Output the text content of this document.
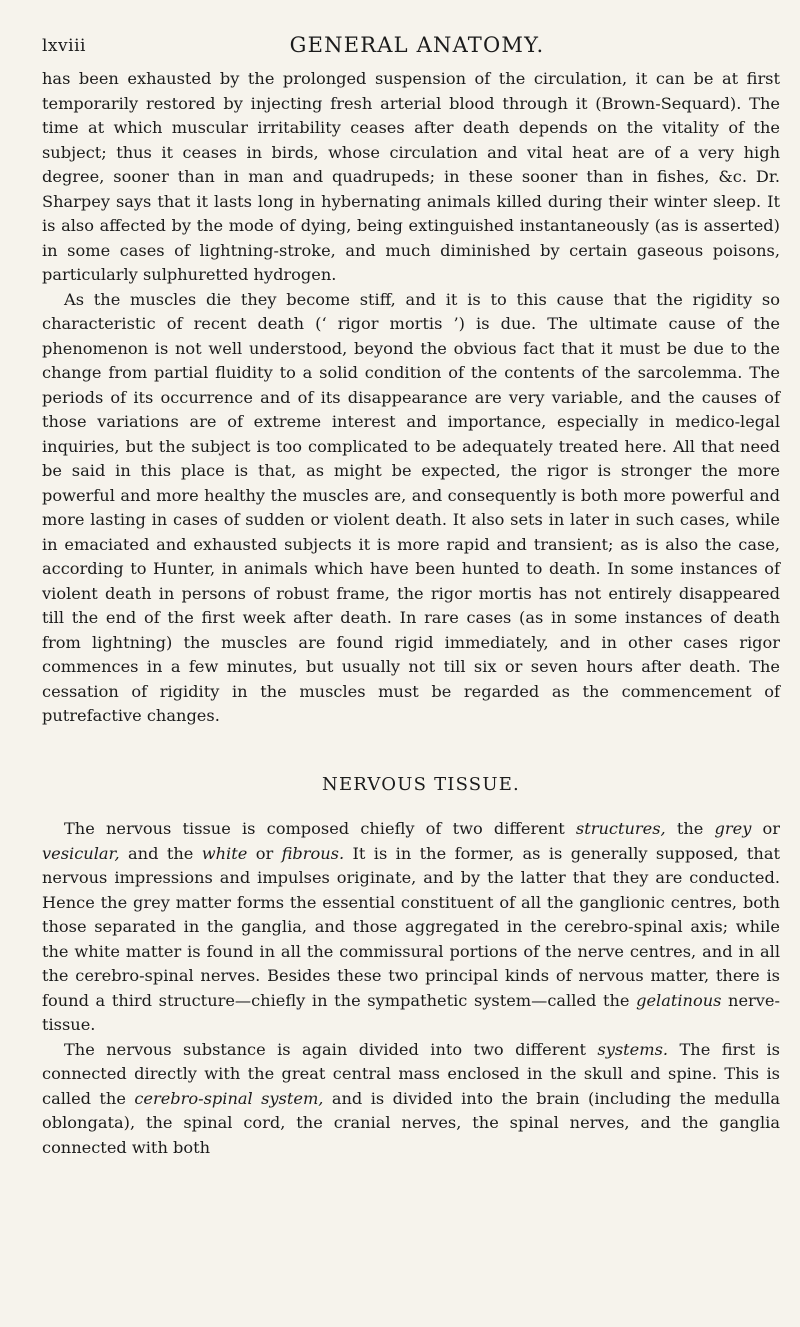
lxviii	GENERAL ANATOMY.

has been exhausted by the prolonged suspension of the circulation, it can be at first temporarily restored by injecting fresh arterial blood through it (Brown-Sequard). The time at which muscular irritability ceases after death depends on the vitality of the subject; thus it ceases in birds, whose circulation and vital heat are of a very high degree, sooner than in man and quadrupeds; in these sooner than in fishes, &c. Dr. Sharpey says that it lasts long in hybernating animals killed during their winter sleep. It is also affected by the mode of dying, being extinguished instantaneously (as is asserted) in some cases of lightning-stroke, and much diminished by certain gaseous poisons, particularly sulphuretted hydrogen.

As the muscles die they become stiff, and it is to this cause that the rigidity so characteristic of recent death (‘ rigor mortis ’) is due. The ultimate cause of the phenomenon is not well understood, beyond the obvious fact that it must be due to the change from partial fluidity to a solid condition of the contents of the sarcolemma. The periods of its occurrence and of its disappearance are very variable, and the causes of those variations are of extreme interest and importance, especially in medico-legal inquiries, but the subject is too complicated to be adequately treated here. All that need be said in this place is that, as might be expected, the rigor is stronger the more powerful and more healthy the muscles are, and consequently is both more powerful and more lasting in cases of sudden or violent death. It also sets in later in such cases, while in emaciated and exhausted subjects it is more rapid and transient; as is also the case, according to Hunter, in animals which have been hunted to death. In some instances of violent death in persons of robust frame, the rigor mortis has not entirely disappeared till the end of the first week after death. In rare cases (as in some instances of death from lightning) the muscles are found rigid immediately, and in other cases rigor commences in a few minutes, but usually not till six or seven hours after death. The cessation of rigidity in the muscles must be regarded as the commencement of putrefactive changes.

NERVOUS TISSUE.

The nervous tissue is composed chiefly of two different structures, the grey or vesicular, and the white or fibrous. It is in the former, as is generally supposed, that nervous impressions and impulses originate, and by the latter that they are conducted. Hence the grey matter forms the essential constituent of all the ganglionic centres, both those separated in the ganglia, and those aggregated in the cerebro-spinal axis; while the white matter is found in all the commissural portions of the nerve centres, and in all the cerebro-spinal nerves. Besides these two principal kinds of nervous matter, there is found a third structure—chiefly in the sympathetic system—called the gelatinous nerve-tissue.

The nervous substance is again divided into two different systems. The first is connected directly with the great central mass enclosed in the skull and spine. This is called the cerebro-spinal system, and is divided into the brain (including the medulla oblongata), the spinal cord, the cranial nerves, the spinal nerves, and the ganglia connected with both
